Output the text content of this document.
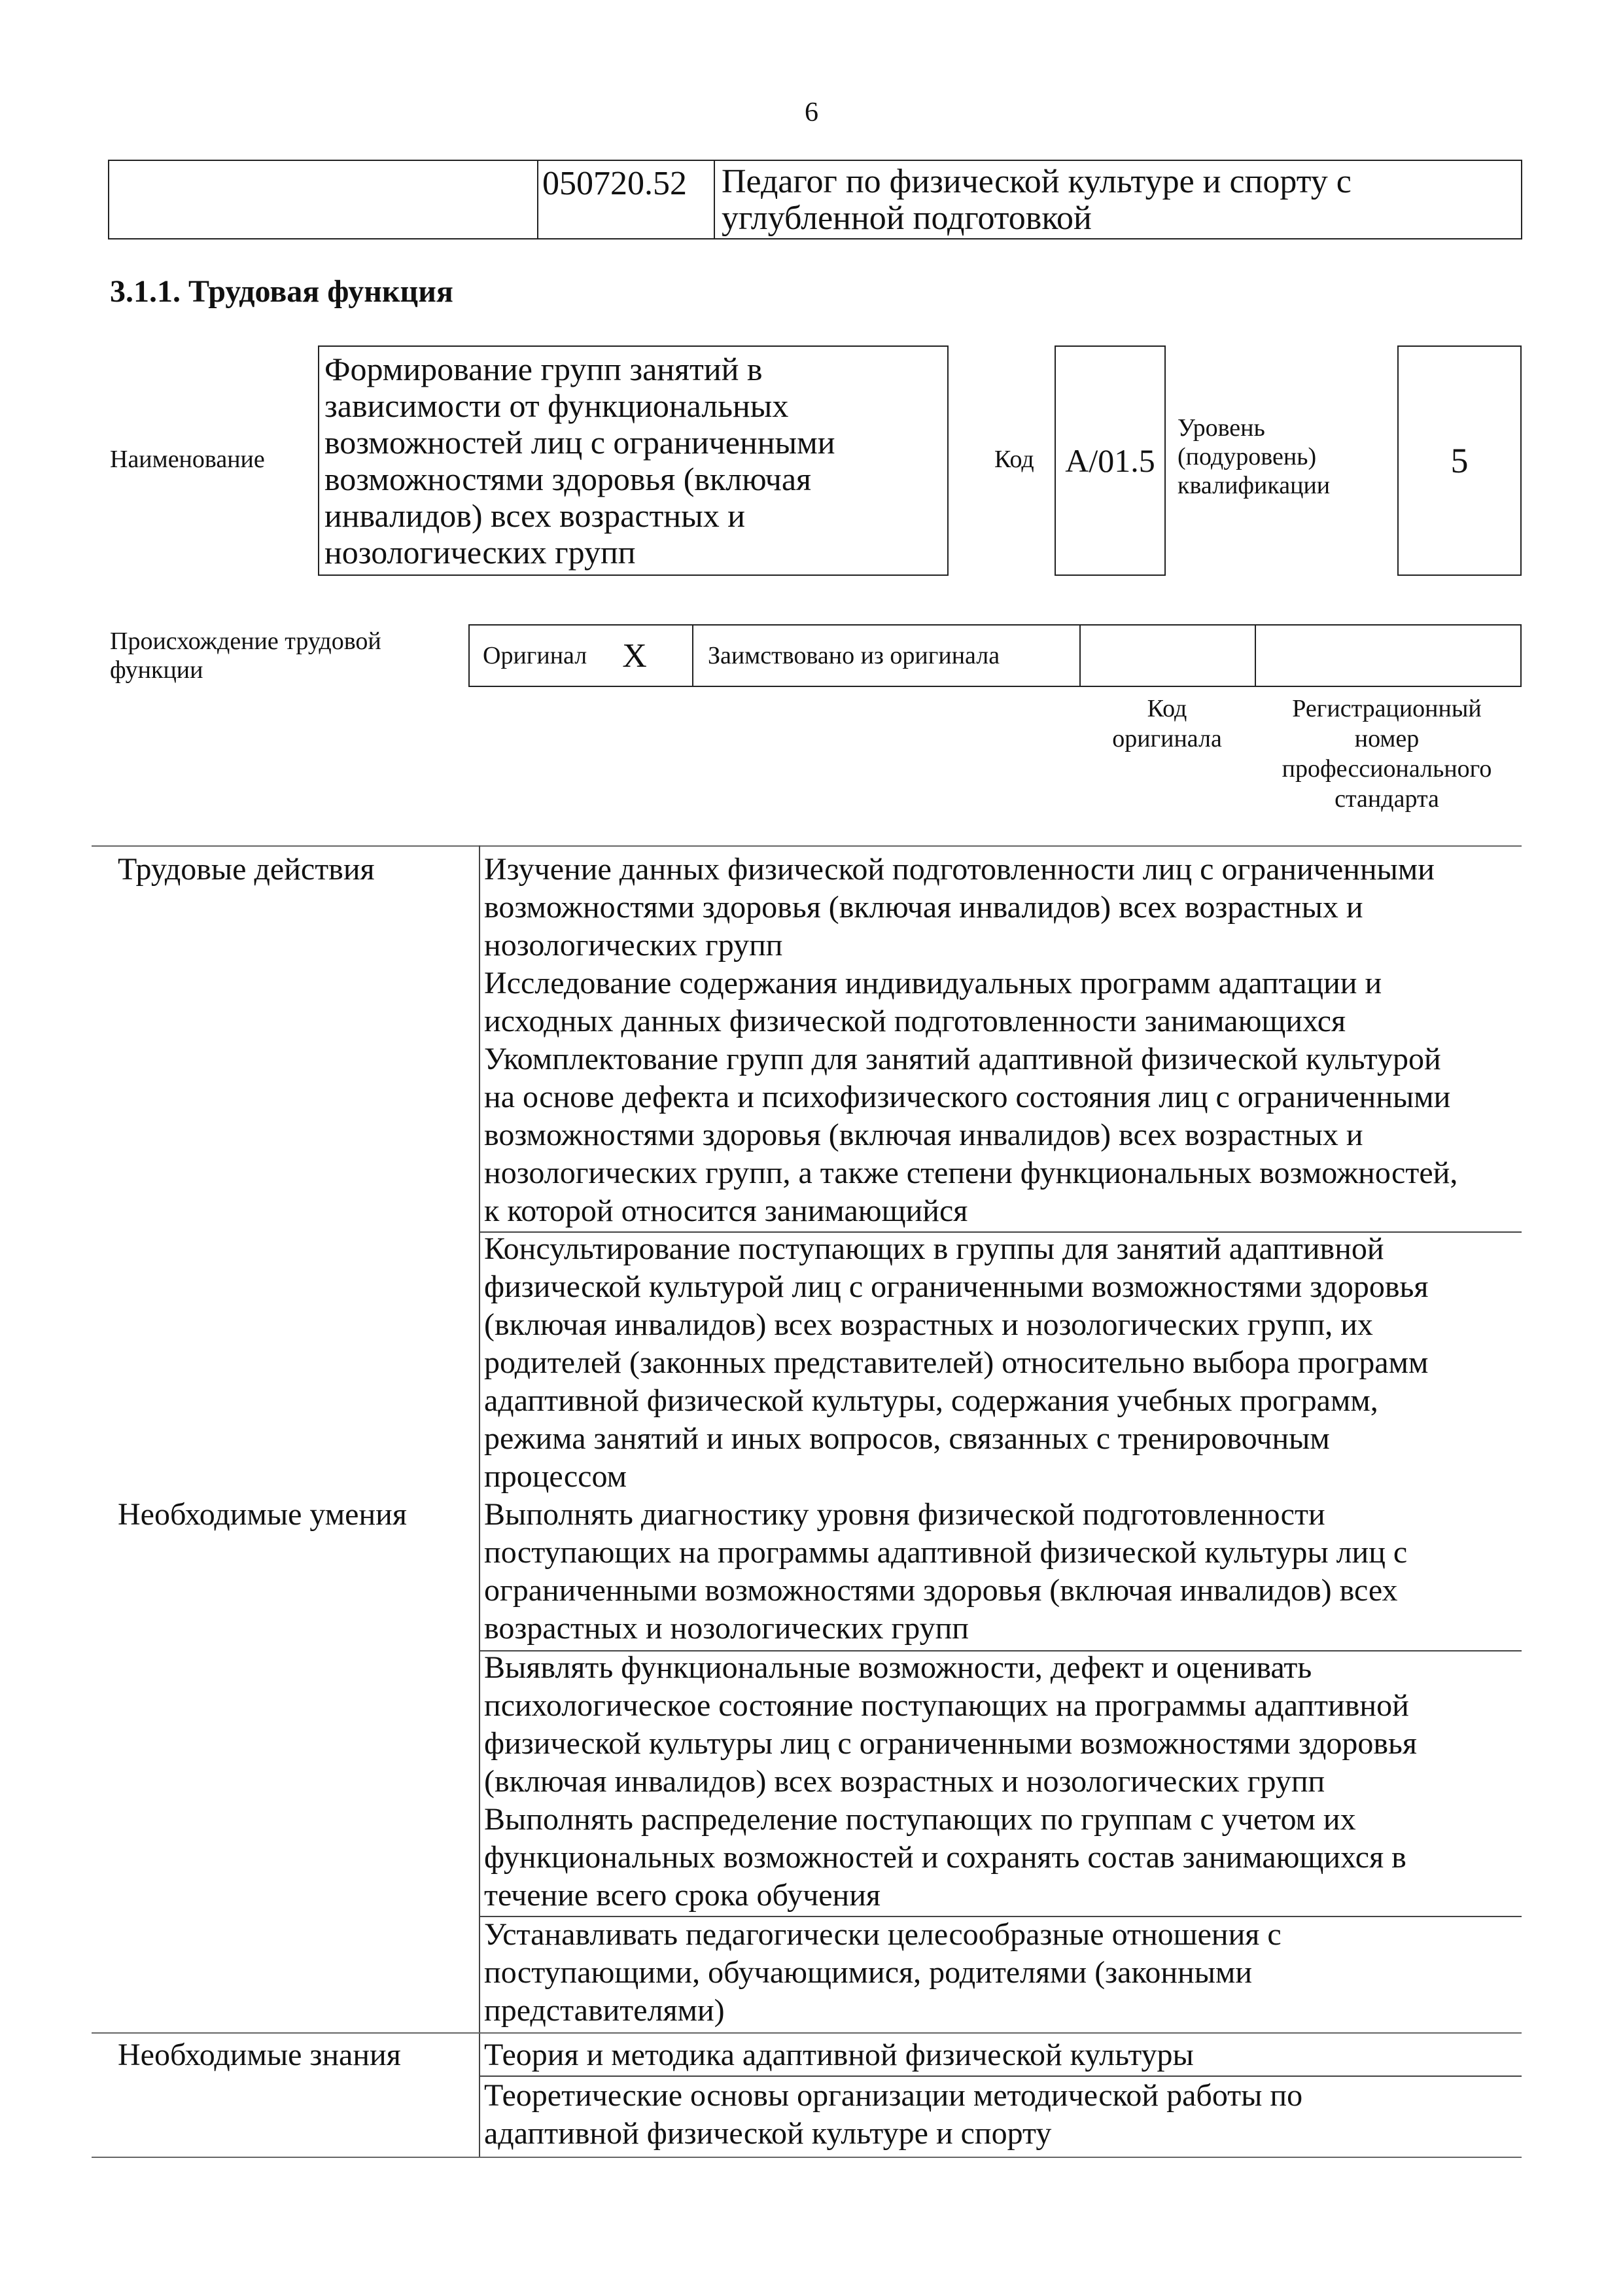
6
050720.52	Педагог по физической культуре и спорту с
углубленной подготовкой
3.1.1. Трудовая функция
Наименование
Формирование групп занятий в
зависимости от функциональных
возможностей лиц с ограниченными
возможностями здоровья (включая
инвалидов) всех возрастных и
нозологических групп
Код A/01.5
Уровень
(подуровень)
квалификации
5
Происхождение трудовой
функции
Оригинал X	Заимствовано из оригинала
Код
оригинала
Регистрационный
номер
профессионального
стандарта
Трудовые действия
Необходимые умения
Необходимые знания
Изучение данных физической подготовленности лиц с ограниченными
возможностями здоровья (включая инвалидов) всех возрастных и
нозологических групп
Исследование содержания индивидуальных программ адаптации и
исходных данных физической подготовленности занимающихся
Укомплектование групп для занятий адаптивной физической культурой
на основе дефекта и психофизического состояния лиц с ограниченными
возможностями здоровья (включая инвалидов) всех возрастных и
нозологических групп, а также степени функциональных возможностей,
к которой относится занимающийся
Консультирование поступающих в группы для занятий адаптивной
физической культурой лиц с ограниченными возможностями здоровья
(включая инвалидов) всех возрастных и нозологических групп, их
родителей (законных представителей) относительно выбора программ
адаптивной физической культуры, содержания учебных программ,
режима занятий и иных вопросов, связанных с тренировочным
процессом
Выполнять диагностику уровня физической подготовленности
поступающих на программы адаптивной физической культуры лиц с
ограниченными возможностями здоровья (включая инвалидов) всех
возрастных и нозологических групп
Выявлять функциональные возможности, дефект и оценивать
психологическое состояние поступающих на программы адаптивной
физической культуры лиц с ограниченными возможностями здоровья
(включая инвалидов) всех возрастных и нозологических групп
Выполнять распределение поступающих по группам с учетом их
функциональных возможностей и сохранять состав занимающихся в
течение всего срока обучения
Устанавливать педагогически целесообразные отношения с
поступающими, обучающимися, родителями (законными
представителями)
Теория и методика адаптивной физической культуры
Теоретические основы организации методической работы по
адаптивной физической культуре и спорту
